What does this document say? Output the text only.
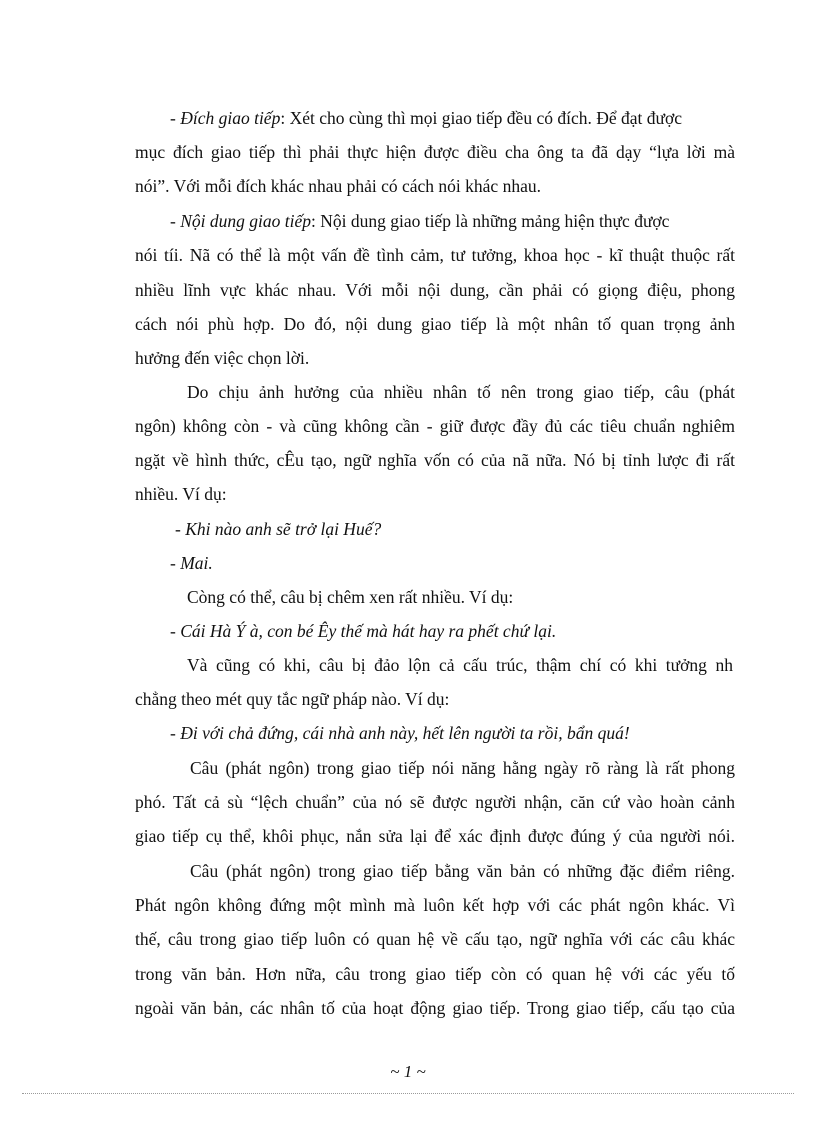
- Đích giao tiếp: Xét cho cùng thì mọi giao tiếp đều có đích. Để đạt được
mục đích giao tiếp thì phải thực hiện được điều cha ông ta đã dạy “lựa lời mà
nói”. Với mỗi đích khác nhau phải có cách nói khác nhau.
- Nội dung giao tiếp: Nội dung giao tiếp là những mảng hiện thực được
nói tíi. Nã có thể là một vấn đề tình cảm, tư tưởng, khoa học - kĩ thuật thuộc rất
nhiều lĩnh vực khác nhau. Với mỗi nội dung, cần phải có giọng điệu, phong
cách nói phù hợp. Do đó, nội dung giao tiếp là một nhân tố quan trọng ảnh
hưởng đến việc chọn lời.
Do chịu ảnh hưởng của nhiều nhân tố nên trong giao tiếp, câu (phát
ngôn) không còn - và cũng không cần - giữ được đầy đủ các tiêu chuẩn nghiêm
ngặt về hình thức, cÊu tạo, ngữ nghĩa vốn có của nã nữa. Nó bị tỉnh lược đi rất
nhiều. Ví dụ:
- Khi nào anh sẽ trở lại Huế?
- Mai.
Còng có thể, câu bị chêm xen rất nhiều. Ví dụ:
- Cái Hà Ý à, con bé Êy thế mà hát hay ra phết chứ lại.
Và cũng có khi, câu bị đảo lộn cả cấu trúc, thậm chí có khi tưởng nh
chẳng theo mét quy tắc ngữ pháp nào. Ví dụ:
- Đi với chả đứng, cái nhà anh này, hết lên người ta rồi, bẩn quá!
Câu (phát ngôn) trong giao tiếp nói năng hằng ngày rõ ràng là rất phong
phó. Tất cả sù “lệch chuẩn” của nó sẽ được người nhận, căn cứ vào hoàn cảnh
giao tiếp cụ thể, khôi phục, nắn sửa lại để xác định được đúng ý của người nói.
Câu (phát ngôn) trong giao tiếp bằng văn bản có những đặc điểm riêng.
Phát ngôn không đứng một mình mà luôn kết hợp với các phát ngôn khác. Vì
thế, câu trong giao tiếp luôn có quan hệ về cấu tạo, ngữ nghĩa với các câu khác
trong văn bản. Hơn nữa, câu trong giao tiếp còn có quan hệ với các yếu tố
ngoài văn bản, các nhân tố của hoạt động giao tiếp. Trong giao tiếp, cấu tạo của
~ 1 ~
